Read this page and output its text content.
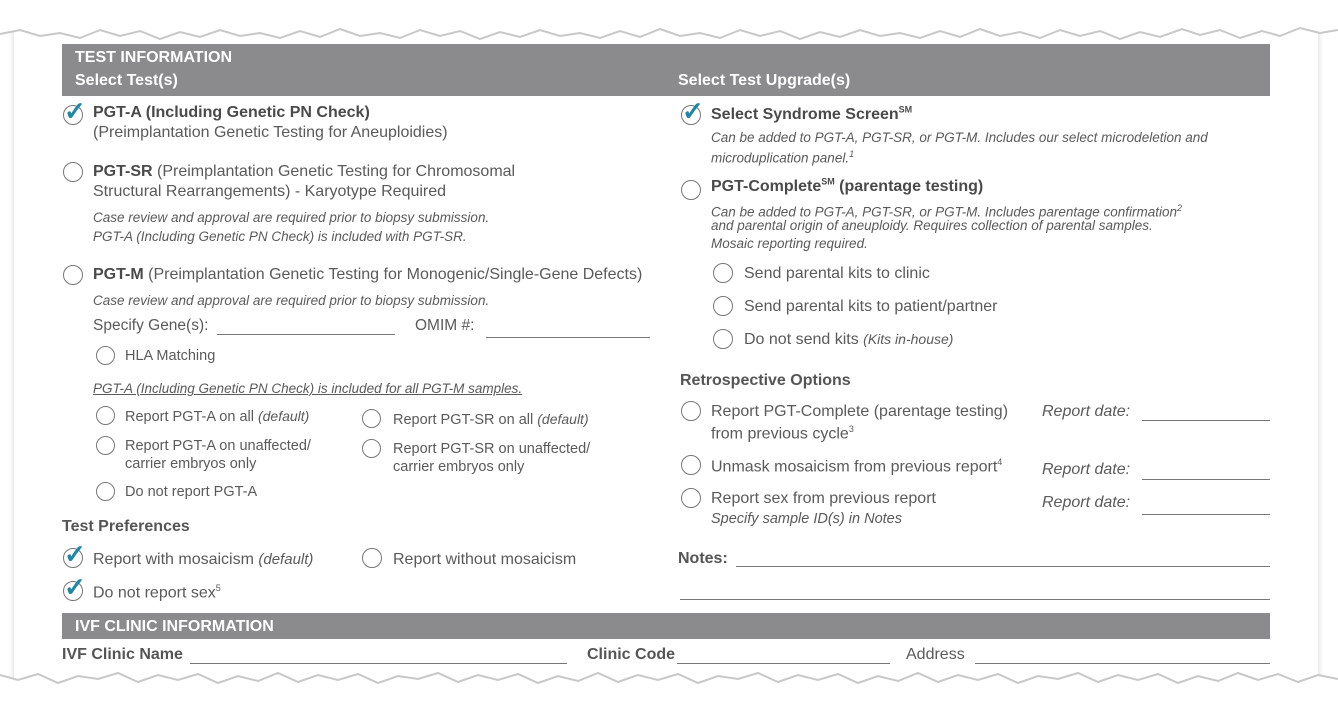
TEST INFORMATION
Select Test(s)	Select Test Upgrade(s)
✓ PGT-A (Including Genetic PN Check)
(Preimplantation Genetic Testing for Aneuploidies)
PGT-SR (Preimplantation Genetic Testing for Chromosomal
Structural Rearrangements) - Karyotype Required
Case review and approval are required prior to biopsy submission.
PGT-A (Including Genetic PN Check) is included with PGT-SR.
PGT-M (Preimplantation Genetic Testing for Monogenic/Single-Gene Defects)
Case review and approval are required prior to biopsy submission.
Specify Gene(s):	OMIM #:
HLA Matching
PGT-A (Including Genetic PN Check) is included for all PGT-M samples.
Report PGT-A on all (default)
Report PGT-A on unaffected/
carrier embryos only
Do not report PGT-A
Report PGT-SR on all (default)
Report PGT-SR on unaffected/
carrier embryos only
Test Preferences
✓ Report with mosaicism (default)	Report without mosaicism
✓ Do not report sex$^5$
✓ Select Syndrome Screen℠
Can be added to PGT-A, PGT-SR, or PGT-M. Includes our select microdeletion and
microduplication panel.$^1$
PGT-Complete℠ (parentage testing)
Can be added to PGT-A, PGT-SR, or PGT-M. Includes parentage confirmation$^2$
and parental origin of aneuploidy. Requires collection of parental samples.
Mosaic reporting required.
Send parental kits to clinic
Send parental kits to patient/partner
Do not send kits (Kits in-house)
Retrospective Options
Report PGT-Complete (parentage testing)
from previous cycle$^3$
Report date:
Unmask mosaicism from previous report$^4$ Report date:
Report sex from previous report
Specify sample ID(s) in Notes
Report date:
Notes:
IVF CLINIC INFORMATION
IVF Clinic Name	Clinic Code	Address
